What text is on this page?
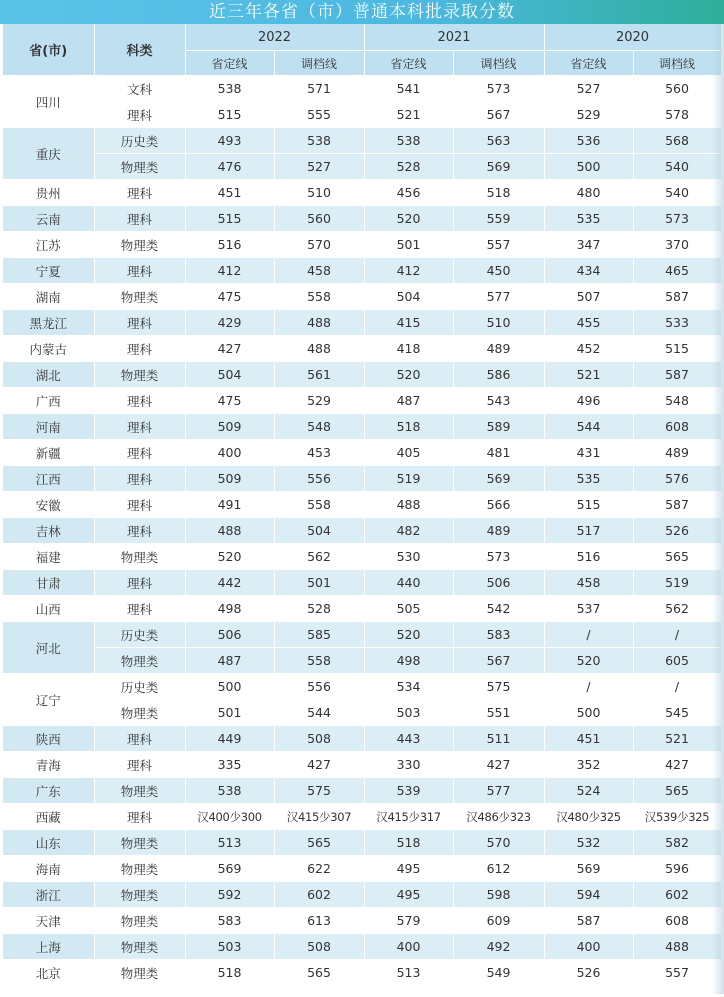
近三年各省（市）普通本科批录取分数
省(市)	科类	2022		2021		2020	
		省定线	调档线	省定线	调档线	省定线	调档线
四川	文科	538	571	541	573	527	560
	理科	515	555	521	567	529	578
重庆	历史类	493	538	538	563	536	568
	物理类	476	527	528	569	500	540
贵州	理科	451	510	456	518	480	540
云南	理科	515	560	520	559	535	573
江苏	物理类	516	570	501	557	347	370
宁夏	理科	412	458	412	450	434	465
湖南	物理类	475	558	504	577	507	587
黑龙江	理科	429	488	415	510	455	533
内蒙古	理科	427	488	418	489	452	515
湖北	物理类	504	561	520	586	521	587
广西	理科	475	529	487	543	496	548
河南	理科	509	548	518	589	544	608
新疆	理科	400	453	405	481	431	489
江西	理科	509	556	519	569	535	576
安徽	理科	491	558	488	566	515	587
吉林	理科	488	504	482	489	517	526
福建	物理类	520	562	530	573	516	565
甘肃	理科	442	501	440	506	458	519
山西	理科	498	528	505	542	537	562
河北	历史类	506	585	520	583	/	/
	物理类	487	558	498	567	520	605
辽宁	历史类	500	556	534	575	/	/
	物理类	501	544	503	551	500	545
陕西	理科	449	508	443	511	451	521
青海	理科	335	427	330	427	352	427
广东	物理类	538	575	539	577	524	565
西藏	理科	汉400少300	汉415少307	汉415少317	汉486少323	汉480少325	汉539少325
山东	物理类	513	565	518	570	532	582
海南	物理类	569	622	495	612	569	596
浙江	物理类	592	602	495	598	594	602
天津	物理类	583	613	579	609	587	608
上海	物理类	503	508	400	492	400	488
北京	物理类	518	565	513	549	526	557
